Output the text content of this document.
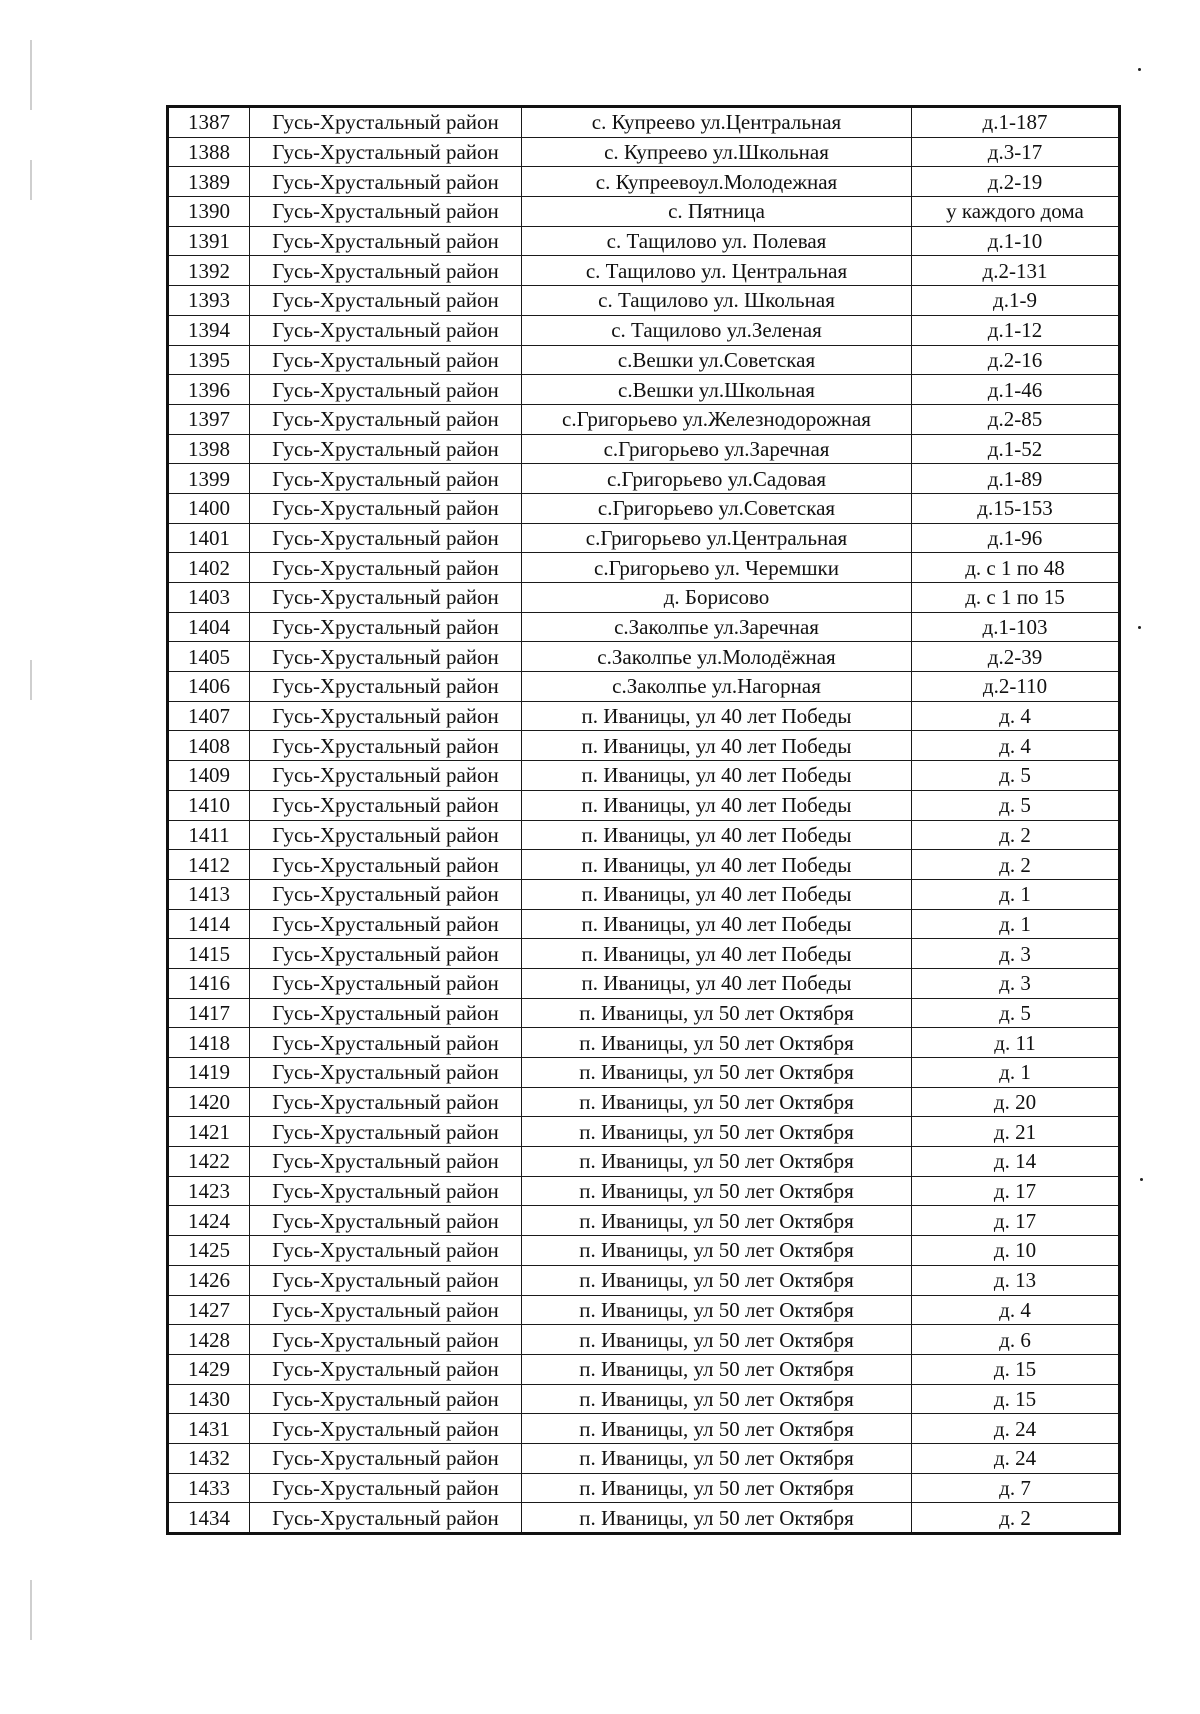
1387	Гусь-Хрустальный район	с. Купреево ул.Центральная	д.1-187
1388	Гусь-Хрустальный район	с. Купреево ул.Школьная	д.3-17
1389	Гусь-Хрустальный район	с. Купреевоул.Молодежная	д.2-19
1390	Гусь-Хрустальный район	с. Пятница	у каждого дома
1391	Гусь-Хрустальный район	с. Тащилово ул. Полевая	д.1-10
1392	Гусь-Хрустальный район	с. Тащилово ул. Центральная	д.2-131
1393	Гусь-Хрустальный район	с. Тащилово ул. Школьная	д.1-9
1394	Гусь-Хрустальный район	с. Тащилово ул.Зеленая	д.1-12
1395	Гусь-Хрустальный район	с.Вешки ул.Советская	д.2-16
1396	Гусь-Хрустальный район	с.Вешки ул.Школьная	д.1-46
1397	Гусь-Хрустальный район	с.Григорьево ул.Железнодорожная	д.2-85
1398	Гусь-Хрустальный район	с.Григорьево ул.Заречная	д.1-52
1399	Гусь-Хрустальный район	с.Григорьево ул.Садовая	д.1-89
1400	Гусь-Хрустальный район	с.Григорьево ул.Советская	д.15-153
1401	Гусь-Хрустальный район	с.Григорьево ул.Центральная	д.1-96
1402	Гусь-Хрустальный район	с.Григорьево ул. Черемшки	д. с 1 по 48
1403	Гусь-Хрустальный район	д. Борисово	д. с 1 по 15
1404	Гусь-Хрустальный район	с.Заколпье ул.Заречная	д.1-103
1405	Гусь-Хрустальный район	с.Заколпье ул.Молодёжная	д.2-39
1406	Гусь-Хрустальный район	с.Заколпье ул.Нагорная	д.2-110
1407	Гусь-Хрустальный район	п. Иваницы, ул 40 лет Победы	д. 4
1408	Гусь-Хрустальный район	п. Иваницы, ул 40 лет Победы	д. 4
1409	Гусь-Хрустальный район	п. Иваницы, ул 40 лет Победы	д. 5
1410	Гусь-Хрустальный район	п. Иваницы, ул 40 лет Победы	д. 5
1411	Гусь-Хрустальный район	п. Иваницы, ул 40 лет Победы	д. 2
1412	Гусь-Хрустальный район	п. Иваницы, ул 40 лет Победы	д. 2
1413	Гусь-Хрустальный район	п. Иваницы, ул 40 лет Победы	д. 1
1414	Гусь-Хрустальный район	п. Иваницы, ул 40 лет Победы	д. 1
1415	Гусь-Хрустальный район	п. Иваницы, ул 40 лет Победы	д. 3
1416	Гусь-Хрустальный район	п. Иваницы, ул 40 лет Победы	д. 3
1417	Гусь-Хрустальный район	п. Иваницы, ул 50 лет Октября	д. 5
1418	Гусь-Хрустальный район	п. Иваницы, ул 50 лет Октября	д. 11
1419	Гусь-Хрустальный район	п. Иваницы, ул 50 лет Октября	д. 1
1420	Гусь-Хрустальный район	п. Иваницы, ул 50 лет Октября	д. 20
1421	Гусь-Хрустальный район	п. Иваницы, ул 50 лет Октября	д. 21
1422	Гусь-Хрустальный район	п. Иваницы, ул 50 лет Октября	д. 14
1423	Гусь-Хрустальный район	п. Иваницы, ул 50 лет Октября	д. 17
1424	Гусь-Хрустальный район	п. Иваницы, ул 50 лет Октября	д. 17
1425	Гусь-Хрустальный район	п. Иваницы, ул 50 лет Октября	д. 10
1426	Гусь-Хрустальный район	п. Иваницы, ул 50 лет Октября	д. 13
1427	Гусь-Хрустальный район	п. Иваницы, ул 50 лет Октября	д. 4
1428	Гусь-Хрустальный район	п. Иваницы, ул 50 лет Октября	д. 6
1429	Гусь-Хрустальный район	п. Иваницы, ул 50 лет Октября	д. 15
1430	Гусь-Хрустальный район	п. Иваницы, ул 50 лет Октября	д. 15
1431	Гусь-Хрустальный район	п. Иваницы, ул 50 лет Октября	д. 24
1432	Гусь-Хрустальный район	п. Иваницы, ул 50 лет Октября	д. 24
1433	Гусь-Хрустальный район	п. Иваницы, ул 50 лет Октября	д. 7
1434	Гусь-Хрустальный район	п. Иваницы, ул 50 лет Октября	д. 2
